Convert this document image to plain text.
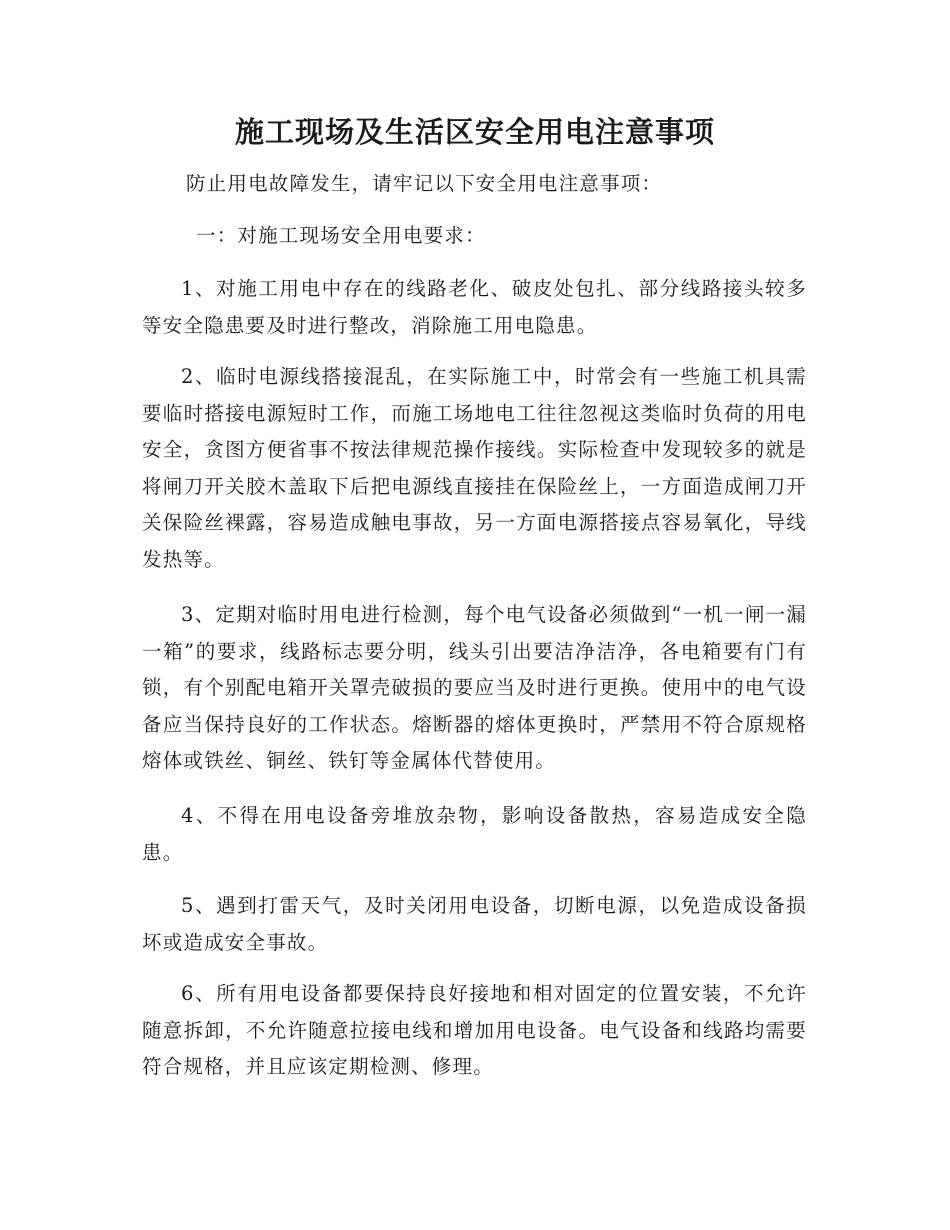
施工现场及生活区安全用电注意事项

防止用电故障发生，请牢记以下安全用电注意事项：

一：对施工现场安全用电要求：

1、对施工用电中存在的线路老化、破皮处包扎、部分线路接头较多等安全隐患要及时进行整改，消除施工用电隐患。

2、临时电源线搭接混乱，在实际施工中，时常会有一些施工机具需要临时搭接电源短时工作，而施工场地电工往往忽视这类临时负荷的用电安全，贪图方便省事不按法律规范操作接线。实际检查中发现较多的就是将闸刀开关胶木盖取下后把电源线直接挂在保险丝上，一方面造成闸刀开关保险丝裸露，容易造成触电事故，另一方面电源搭接点容易氧化，导线发热等。

3、定期对临时用电进行检测，每个电气设备必须做到“一机一闸一漏一箱”的要求，线路标志要分明，线头引出要洁净洁净，各电箱要有门有锁，有个别配电箱开关罩壳破损的要应当及时进行更换。使用中的电气设备应当保持良好的工作状态。熔断器的熔体更换时，严禁用不符合原规格熔体或铁丝、铜丝、铁钉等金属体代替使用。

4、不得在用电设备旁堆放杂物，影响设备散热，容易造成安全隐患。

5、遇到打雷天气，及时关闭用电设备，切断电源，以免造成设备损坏或造成安全事故。

6、所有用电设备都要保持良好接地和相对固定的位置安装，不允许随意拆卸，不允许随意拉接电线和增加用电设备。电气设备和线路均需要符合规格，并且应该定期检测、修理。
